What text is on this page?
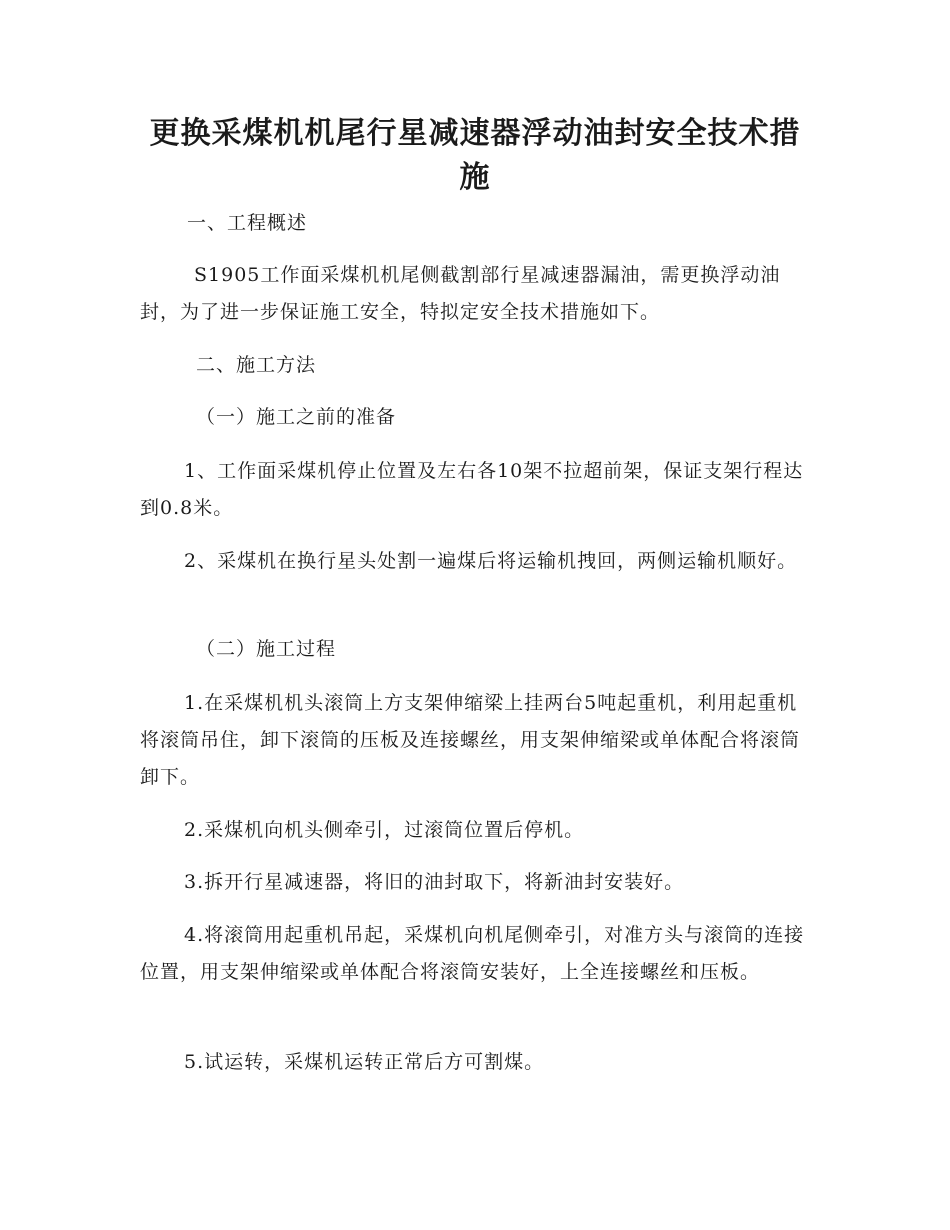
更换采煤机机尾行星减速器浮动油封安全技术措施

一、工程概述

S1905工作面采煤机机尾侧截割部行星减速器漏油，需更换浮动油封，为了进一步保证施工安全，特拟定安全技术措施如下。

二、施工方法

（一）施工之前的准备

1、工作面采煤机停止位置及左右各10架不拉超前架，保证支架行程达 到0.8米。

2、采煤机在换行星头处割一遍煤后将运输机拽回，两侧运输机顺好。

（二）施工过程

1.在采煤机机头滚筒上方支架伸缩梁上挂两台5吨起重机，利用起重机将滚筒吊住，卸下滚筒的压板及连接螺丝，用支架伸缩梁或单体配合将滚筒卸下。

2.采煤机向机头侧牵引，过滚筒位置后停机。

3.拆开行星减速器，将旧的油封取下，将新油封安装好。

4.将滚筒用起重机吊起，采煤机向机尾侧牵引，对准方头与滚筒的连接位置，用支架伸缩梁或单体配合将滚筒安装好，上全连接螺丝和压板。

5.试运转，采煤机运转正常后方可割煤。
